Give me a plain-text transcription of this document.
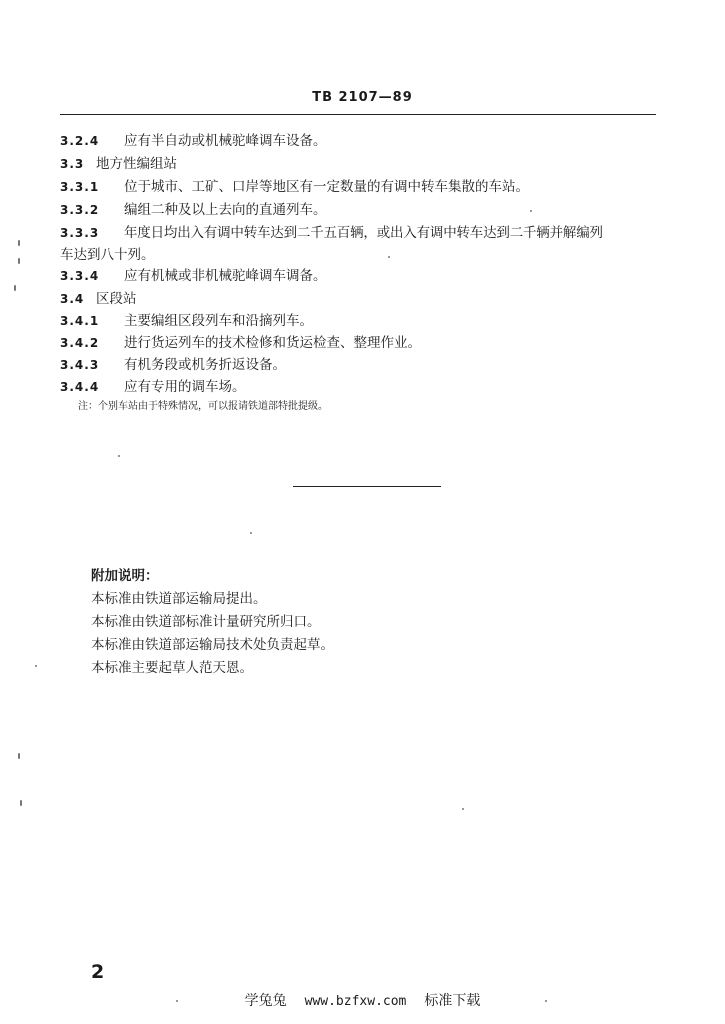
TB 2107—89
3.2.4 应有半自动或机械驼峰调车设备。
3.3 地方性编组站
3.3.1 位于城市、工矿、口岸等地区有一定数量的有调中转车集散的车站。
3.3.2 编组二种及以上去向的直通列车。
3.3.3 年度日均出入有调中转车达到二千五百辆，或出入有调中转车达到二千辆并解编列
车达到八十列。
3.3.4 应有机械或非机械驼峰调车调备。
3.4 区段站
3.4.1 主要编组区段列车和沿摘列车。
3.4.2 进行货运列车的技术检修和货运检查、整理作业。
3.4.3 有机务段或机务折返设备。
3.4.4 应有专用的调车场。
注：个别车站由于特殊情况，可以报请铁道部特批提级。
附加说明：
本标准由铁道部运输局提出。
本标准由铁道部标准计量研究所归口。
本标准由铁道部运输局技术处负责起草。
本标准主要起草人范天恩。
2
学兔兔 www.bzfxw.com 标准下载
